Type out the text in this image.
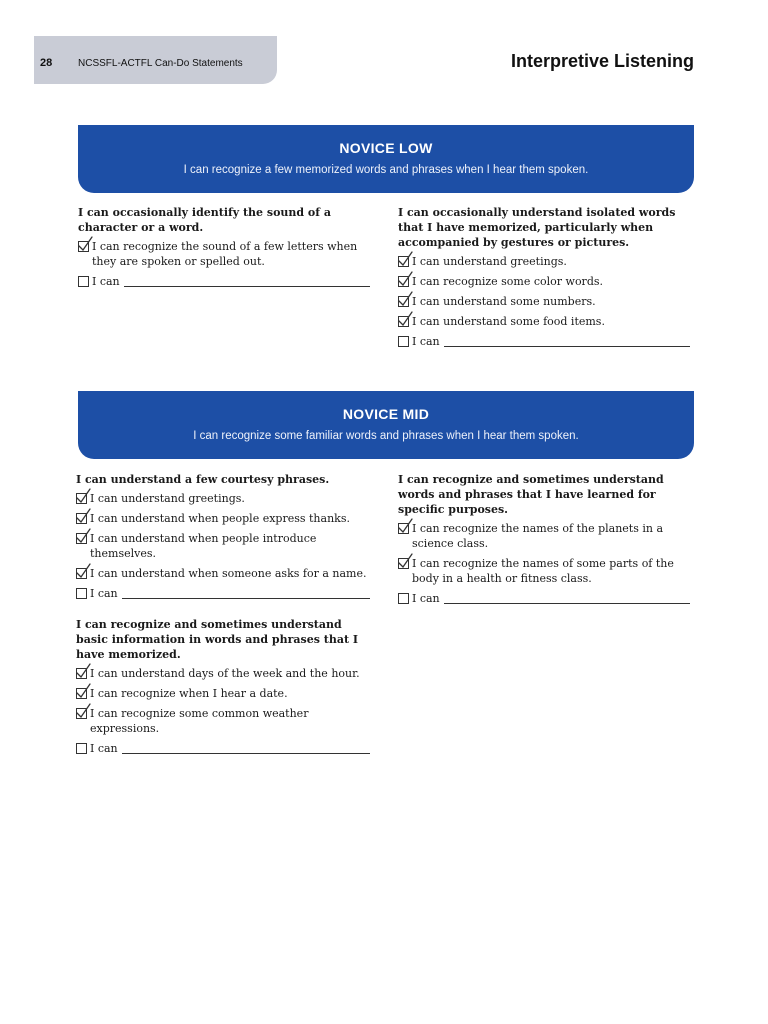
28	NCSSFL-ACTFL Can-Do Statements	Interpretive Listening
NOVICE LOW
I can recognize a few memorized words and phrases when I hear them spoken.

I can occasionally identify the sound of a character or a word.

I can recognize the sound of a few letters when they are spoken or spelled out.
I can

I can occasionally understand isolated words that I have memorized, particularly when accompanied by gestures or pictures.

I can understand greetings.
I can recognize some color words.
I can understand some numbers.
I can understand some food items.
I can
NOVICE MID
I can recognize some familiar words and phrases when I hear them spoken.

I can understand a few courtesy phrases.

I can understand greetings.
I can understand when people express thanks.
I can understand when people introduce themselves.
I can understand when someone asks for a name.
I can

I can recognize and sometimes understand basic information in words and phrases that I have memorized.

I can understand days of the week and the hour.
I can recognize when I hear a date.
I can recognize some common weather expressions.
I can

I can recognize and sometimes understand words and phrases that I have learned for specific purposes.

I can recognize the names of the planets in a science class.
I can recognize the names of some parts of the body in a health or fitness class.
I can
